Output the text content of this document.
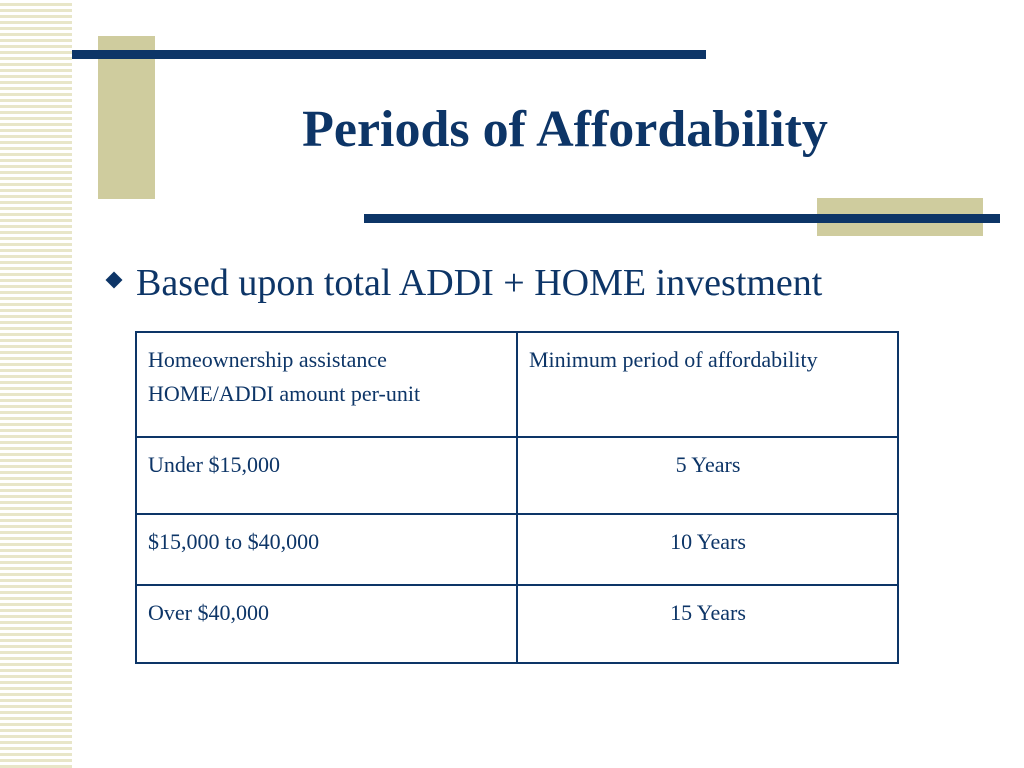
Periods of Affordability
Based upon total ADDI + HOME investment
Homeownership assistance HOME/ADDI amount per-unit	Minimum period of affordability
Under $15,000	5 Years
$15,000 to $40,000	10 Years
Over $40,000	15 Years
